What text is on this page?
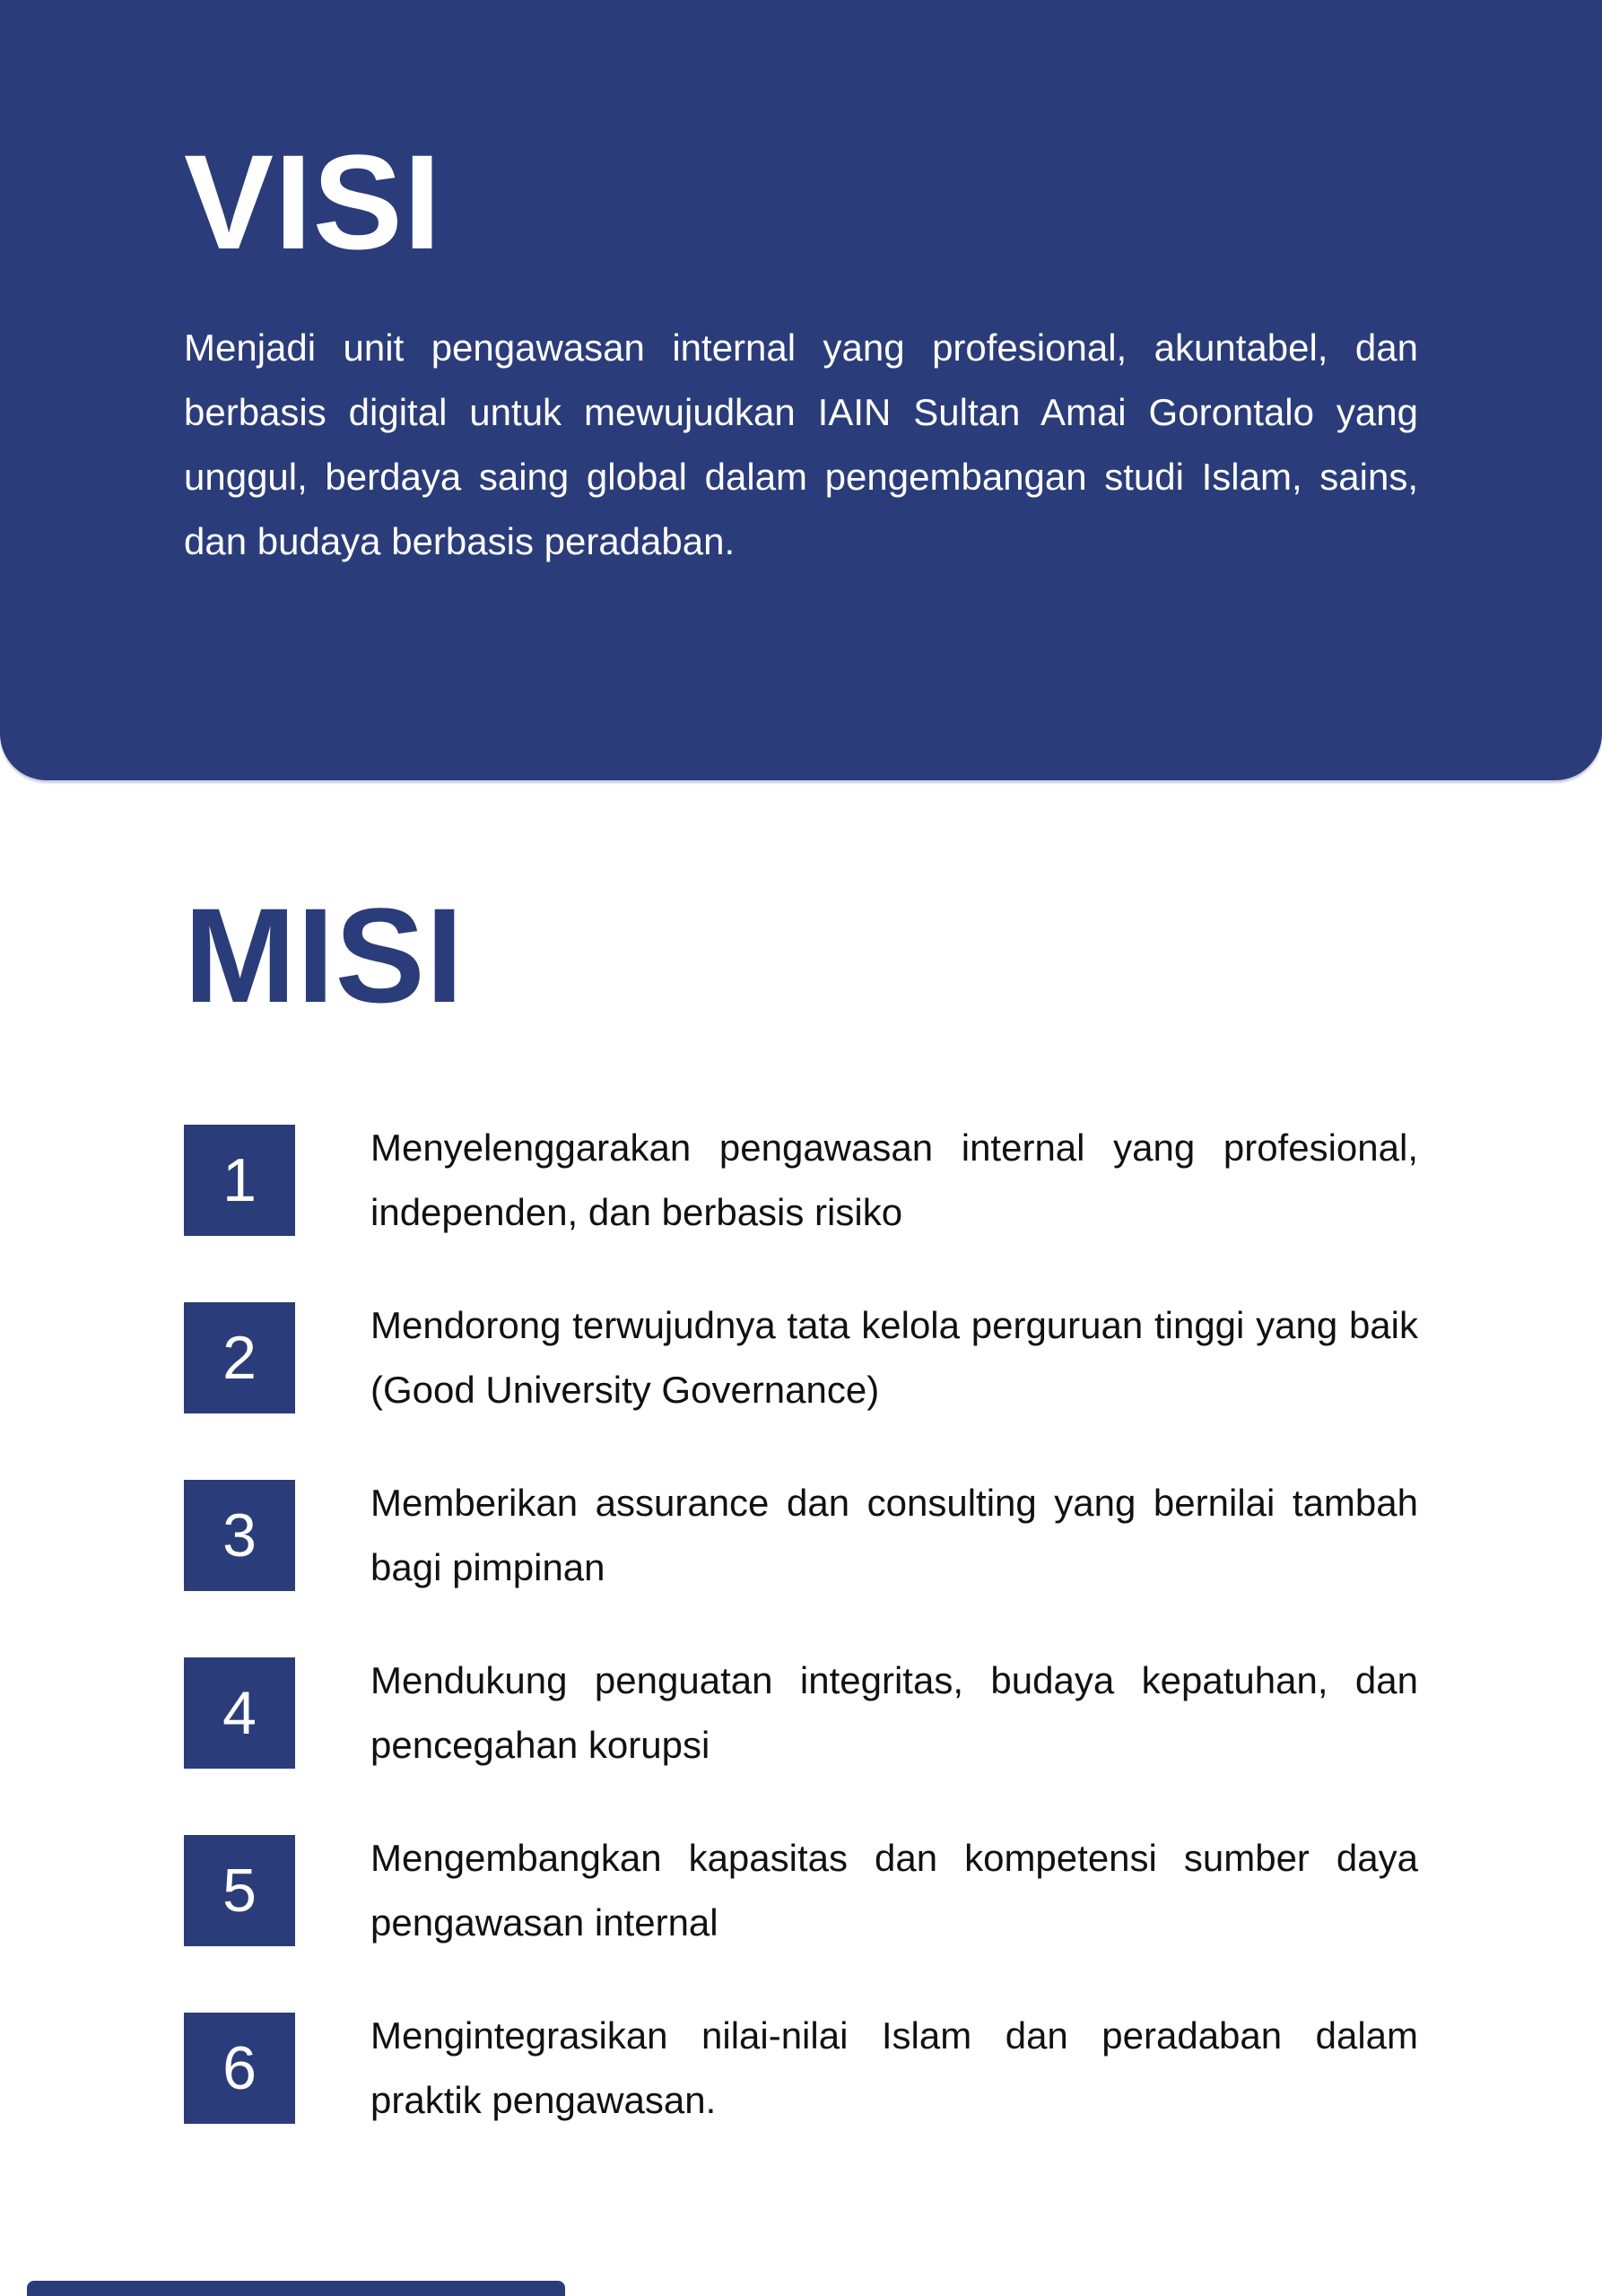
VISI

Menjadi unit pengawasan internal yang profesional, akuntabel, dan berbasis digital untuk mewujudkan IAIN Sultan Amai Gorontalo yang unggul, berdaya saing global dalam pengembangan studi Islam, sains, dan budaya berbasis peradaban.

MISI
1	Menyelenggarakan pengawasan internal yang profesional, independen, dan berbasis risiko

2	Mendorong terwujudnya tata kelola perguruan tinggi yang baik (Good University Governance)

3	Memberikan assurance dan consulting yang bernilai tambah bagi pimpinan

4	Mendukung penguatan integritas, budaya kepatuhan, dan pencegahan korupsi

5	Mengembangkan kapasitas dan kompetensi sumber daya pengawasan internal

6	Mengintegrasikan nilai-nilai Islam dan peradaban dalam praktik pengawasan.
